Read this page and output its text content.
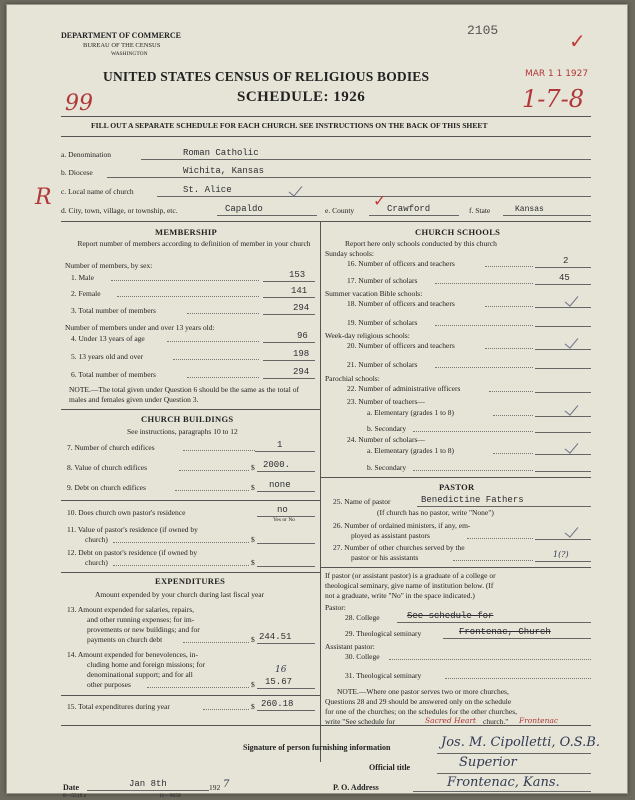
DEPARTMENT OF COMMERCE
BUREAU OF THE CENSUS
WASHINGTON
2105
MAR 1 1 1927
✓
UNITED STATES CENSUS OF RELIGIOUS BODIES
SCHEDULE: 1926
99	1-7-8
FILL OUT A SEPARATE SCHEDULE FOR EACH CHURCH. SEE INSTRUCTIONS ON THE BACK OF THIS SHEET
a. Denomination	Roman Catholic
b. Diocese	Wichita, Kansas
c. Local name of church	St. Alice
R
d. City, town, village, or township, etc.	Capaldo	e. County	Crawford	f. State	Kansas
✓
MEMBERSHIP
Report number of members according to definition of member in your church
Number of members, by sex:
1. Male	153
2. Female	141
3. Total number of members	294
Number of members under and over 13 years old:
4. Under 13 years of age	96
5. 13 years old and over	198
6. Total number of members	294
NOTE.—The total given under Question 6 should be the same as the total of males and females given under Question 3.
CHURCH BUILDINGS
See instructions, paragraphs 10 to 12
7. Number of church edifices	1
8. Value of church edifices	$ 2000.
9. Debt on church edifices	$ none
10. Does church own pastor's residence	no
Yes or No
11. Value of pastor's residence (if owned by
church)	$
12. Debt on pastor's residence (if owned by
church)	$
EXPENDITURES
Amount expended by your church during last fiscal year
13. Amount expended for salaries, repairs,
and other running expenses; for im-
provements or new buildings; and for
payments on church debt	$ 244.51
14. Amount expended for benevolences, in-
cluding home and foreign missions; for
denominational support; and for all
other purposes
16
$ 15.67
15. Total expenditures during year	$ 260.18
CHURCH SCHOOLS
Report here only schools conducted by this church
Sunday schools:
16. Number of officers and teachers	2
17. Number of scholars	45
Summer vacation Bible schools:
18. Number of officers and teachers
19. Number of scholars
Week-day religious schools:
20. Number of officers and teachers
21. Number of scholars
Parochial schools:
22. Number of administrative officers
23. Number of teachers—
a. Elementary (grades 1 to 8)
b. Secondary
24. Number of scholars—
a. Elementary (grades 1 to 8)
b. Secondary
PASTOR
25. Name of pastor	Benedictine Fathers
(If church has no pastor, write "None")
26. Number of ordained ministers, if any, em-
ployed as assistant pastors
27. Number of other churches served by the
pastor or his assistants	1(?)
If pastor (or assistant pastor) is a graduate of a college or
theological seminary, give name of institution below. (If
not a graduate, write "No" in the space indicated.)
Pastor:
28. College	See schedule for
29. Theological seminary	Frontenac, Church
Assistant pastor:
30. College
31. Theological seminary
NOTE.—Where one pastor serves two or more churches,
Questions 28 and 29 should be answered only on the schedule
for one of the churches; on the schedules for the other churches,
write "See schedule for	Sacred Heart church." Frontenac
Signature of person furnishing information	Jos. M. Cipolletti, O.S.B.
Official title	Superior
Date	Jan 8th	192 7	P. O. Address	Frontenac, Kans.
8—5518 a	11—9058
